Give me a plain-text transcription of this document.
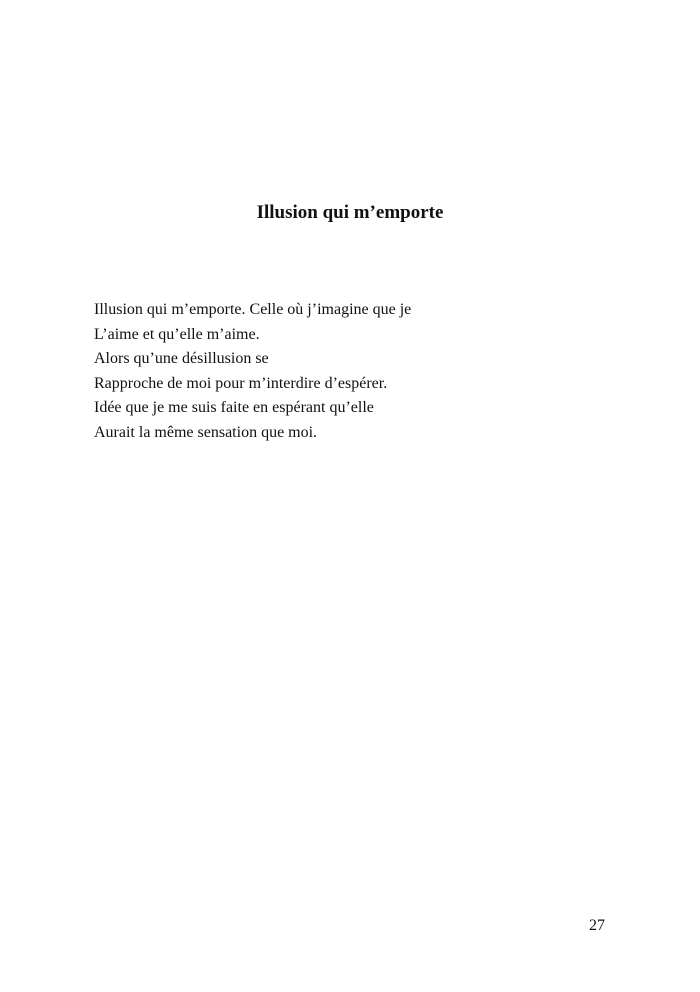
Illusion qui m’emporte
Illusion qui m’emporte. Celle où j’imagine que je
L’aime et qu’elle m’aime.
Alors qu’une désillusion se
Rapproche de moi pour m’interdire d’espérer.
Idée que je me suis faite en espérant qu’elle
Aurait la même sensation que moi.
27
